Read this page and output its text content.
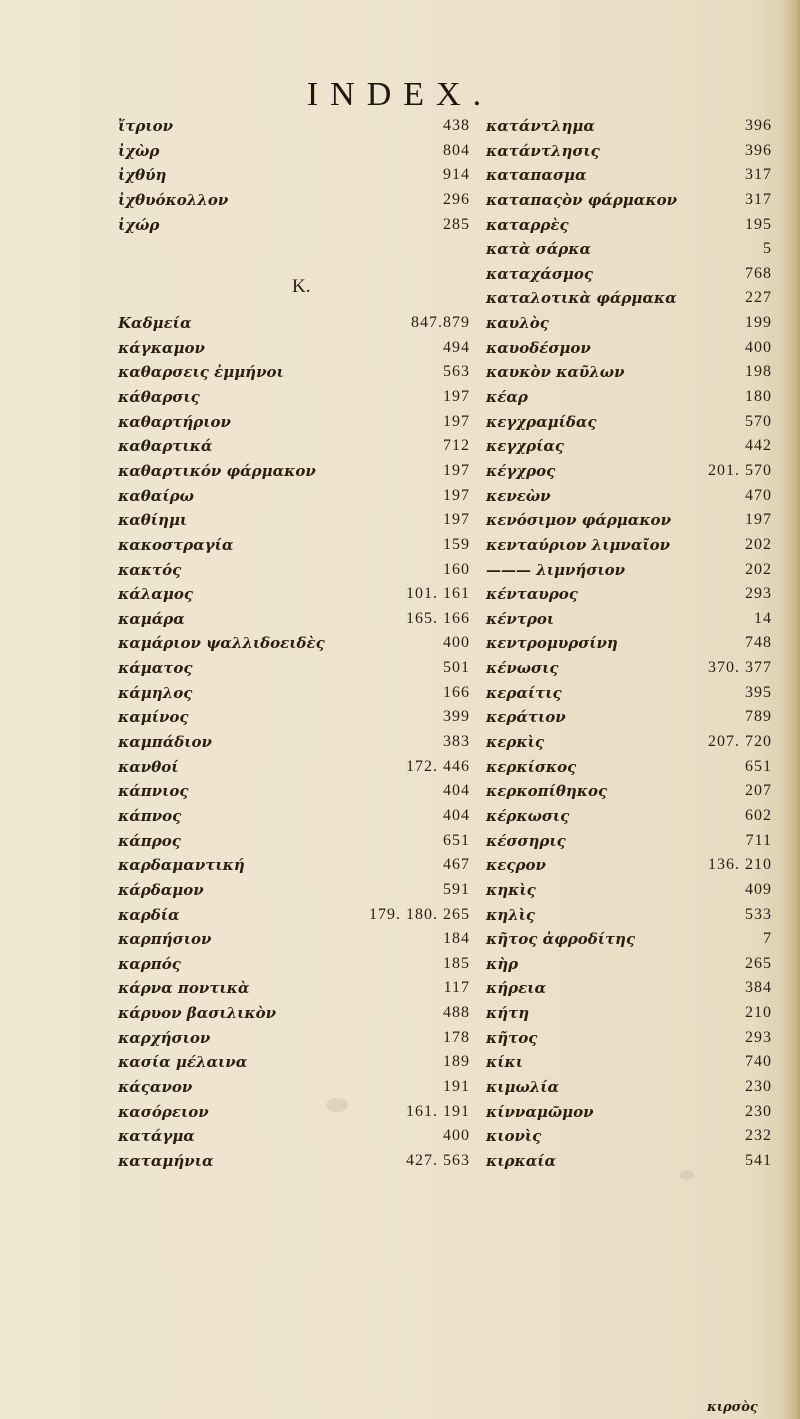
INDEX.
K.
ἴτριον	438
ἰχὼρ	804
ἰχθύη	914
ἰχθυόκολλον	296
ἰχώρ	285
Καδμεία	847.879
κάγκαμον	494
καθαρσεις ἐμμήνοι	563
κάθαρσις	197
καθαρτήριον	197
καθαρτικά	712
καθαρτικόν φάρμακον	197
καθαίρω	197
καθίημι	197
κακοστραγία	159
κακτός	160
κάλαμος	101. 161
καμάρα	165. 166
καμάριον ψαλλιδοειδὲς	400
κάματος	501
κάμηλος	166
καμίνος	399
καμπάδιον	383
κανθοί	172. 446
κάπνιος	404
κάπνος	404
κάπρος	651
καρδαμαντική	467
κάρδαμον	591
καρδία	179. 180. 265
καρπήσιον	184
καρπός	185
κάρνα ποντικὰ	117
κάρυον βασιλικὸν	488
καρχήσιον	178
κασία μέλαινα	189
κάςανον	191
κασόρειον	161. 191
κατάγμα	400
καταμήνια	427. 563
κατάντλημα	396
κατάντλησις	396
καταπασμα	317
καταπαςὸν φάρμακον	317
καταρρὲς	195
κατὰ σάρκα	5
καταχάσμος	768
καταλοτικὰ φάρμακα	227
καυλὸς	199
καυοδέσμον	400
καυκὸν καῦλων	198
κέαρ	180
κεγχραμίδας	570
κεγχρίας	442
κέγχρος	201. 570
κενεὼν	470
κενόσιμον φάρμακον	197
κενταύριον λιμναῖον	202
——— λιμνήσιον	202
κένταυρος	293
κέντροι	14
κεντρομυρσίνη	748
κένωσις	370. 377
κεραίτις	395
κεράτιον	789
κερκὶς	207. 720
κερκίσκος	651
κερκοπίθηκος	207
κέρκωσις	602
κέσσηρις	711
κεςρον	136. 210
κηκὶς	409
κηλὶς	533
κῆτος ἀφροδίτης	7
κὴρ	265
κήρεια	384
κήτη	210
κῆτος	293
κίκι	740
κιμωλία	230
κίνναμῶμον	230
κιονὶς	232
κιρκαία	541
κιρσὸς
